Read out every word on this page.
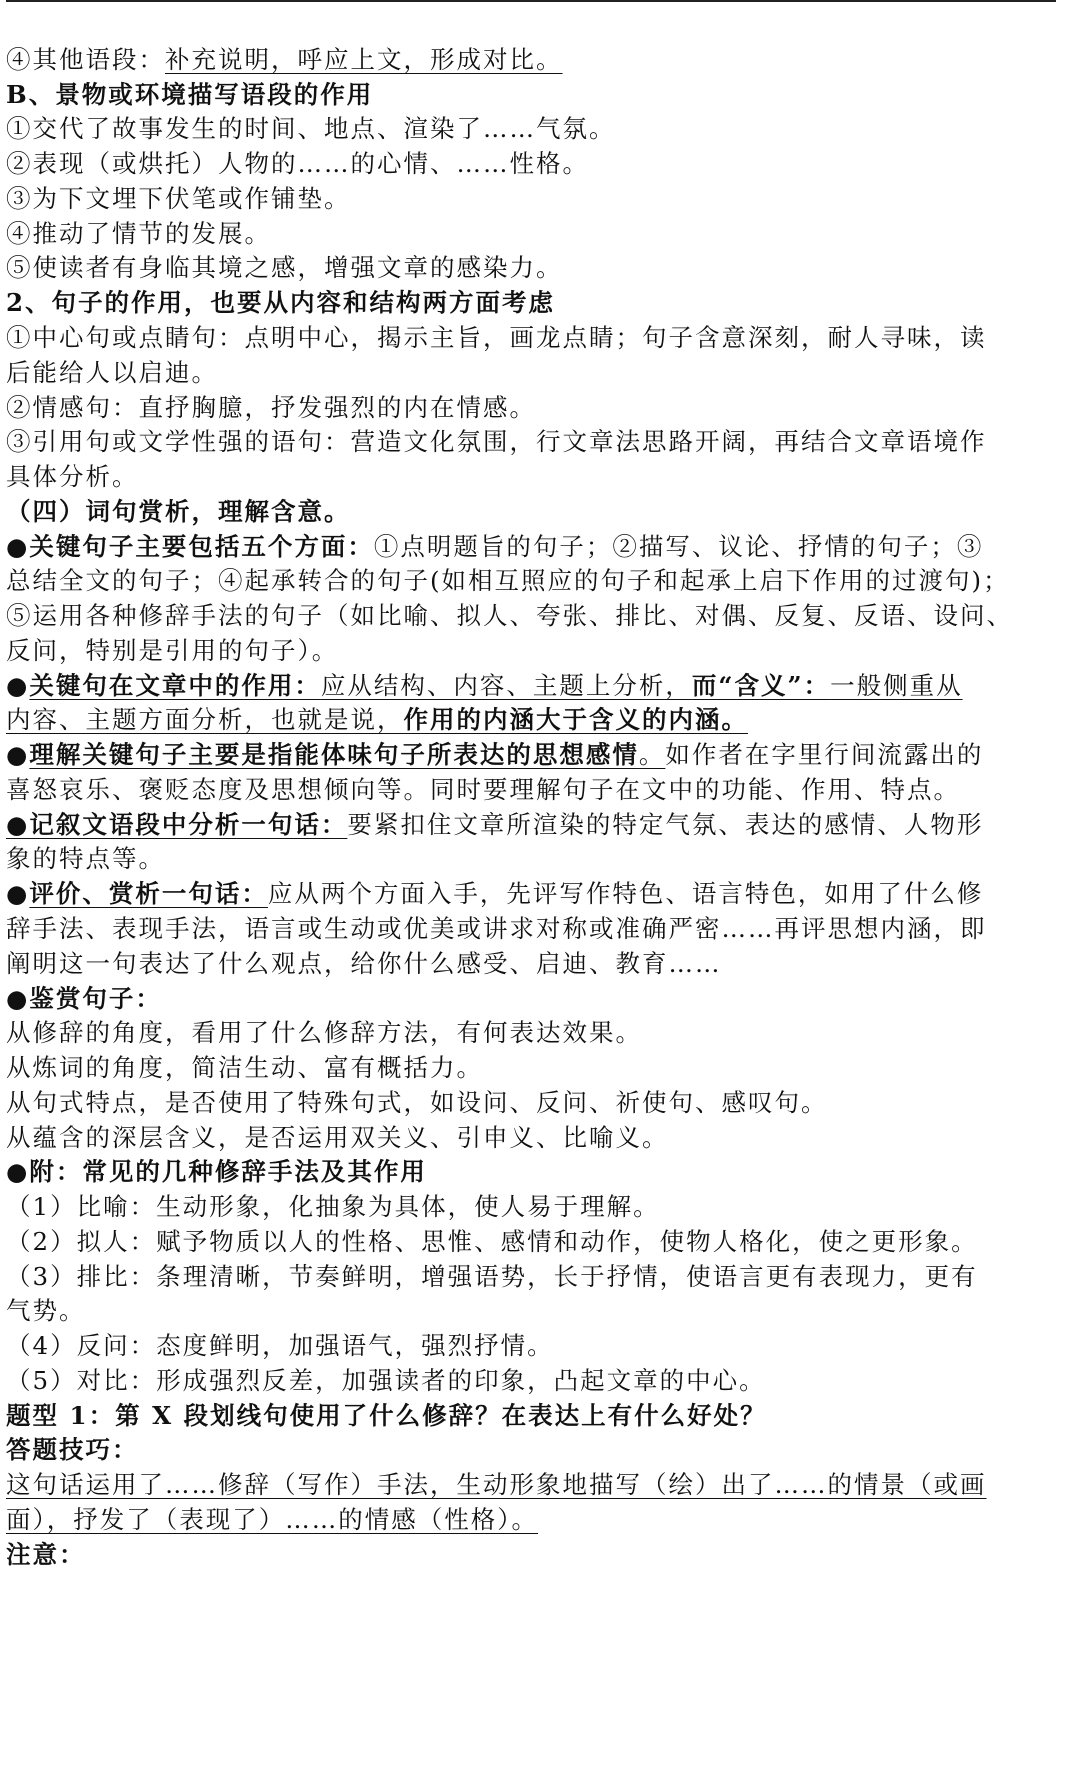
④其他语段：补充说明，呼应上文，形成对比。
B、景物或环境描写语段的作用
①交代了故事发生的时间、地点、渲染了……气氛。
②表现（或烘托）人物的……的心情、……性格。
③为下文埋下伏笔或作铺垫。
④推动了情节的发展。
⑤使读者有身临其境之感，增强文章的感染力。
2、句子的作用，也要从内容和结构两方面考虑
①中心句或点睛句：点明中心，揭示主旨，画龙点睛；句子含意深刻，耐人寻味，读
后能给人以启迪。
②情感句：直抒胸臆，抒发强烈的内在情感。
③引用句或文学性强的语句：营造文化氛围，行文章法思路开阔，再结合文章语境作
具体分析。
（四）词句赏析，理解含意。
●关键句子主要包括五个方面：①点明题旨的句子；②描写、议论、抒情的句子；③
总结全文的句子；④起承转合的句子(如相互照应的句子和起承上启下作用的过渡句)；
⑤运用各种修辞手法的句子（如比喻、拟人、夸张、排比、对偶、反复、反语、设问、
反问，特别是引用的句子）。
●关键句在文章中的作用：应从结构、内容、主题上分析，而“含义”：一般侧重从
内容、主题方面分析，也就是说，作用的内涵大于含义的内涵。
●理解关键句子主要是指能体味句子所表达的思想感情。如作者在字里行间流露出的
喜怒哀乐、褒贬态度及思想倾向等。同时要理解句子在文中的功能、作用、特点。
●记叙文语段中分析一句话：要紧扣住文章所渲染的特定气氛、表达的感情、人物形
象的特点等。
●评价、赏析一句话：应从两个方面入手，先评写作特色、语言特色，如用了什么修
辞手法、表现手法，语言或生动或优美或讲求对称或准确严密……再评思想内涵，即
阐明这一句表达了什么观点，给你什么感受、启迪、教育……
●鉴赏句子：
从修辞的角度，看用了什么修辞方法，有何表达效果。
从炼词的角度，简洁生动、富有概括力。
从句式特点，是否使用了特殊句式，如设问、反问、祈使句、感叹句。
从蕴含的深层含义，是否运用双关义、引申义、比喻义。
●附：常见的几种修辞手法及其作用
（1）比喻：生动形象，化抽象为具体，使人易于理解。
（2）拟人：赋予物质以人的性格、思惟、感情和动作，使物人格化，使之更形象。
（3）排比：条理清晰，节奏鲜明，增强语势，长于抒情，使语言更有表现力，更有
气势。
（4）反问：态度鲜明，加强语气，强烈抒情。
（5）对比：形成强烈反差，加强读者的印象，凸起文章的中心。
题型 1：第 X 段划线句使用了什么修辞？在表达上有什么好处？
答题技巧：
这句话运用了……修辞（写作）手法，生动形象地描写（绘）出了……的情景（或画
面），抒发了（表现了）……的情感（性格）。
注意：
